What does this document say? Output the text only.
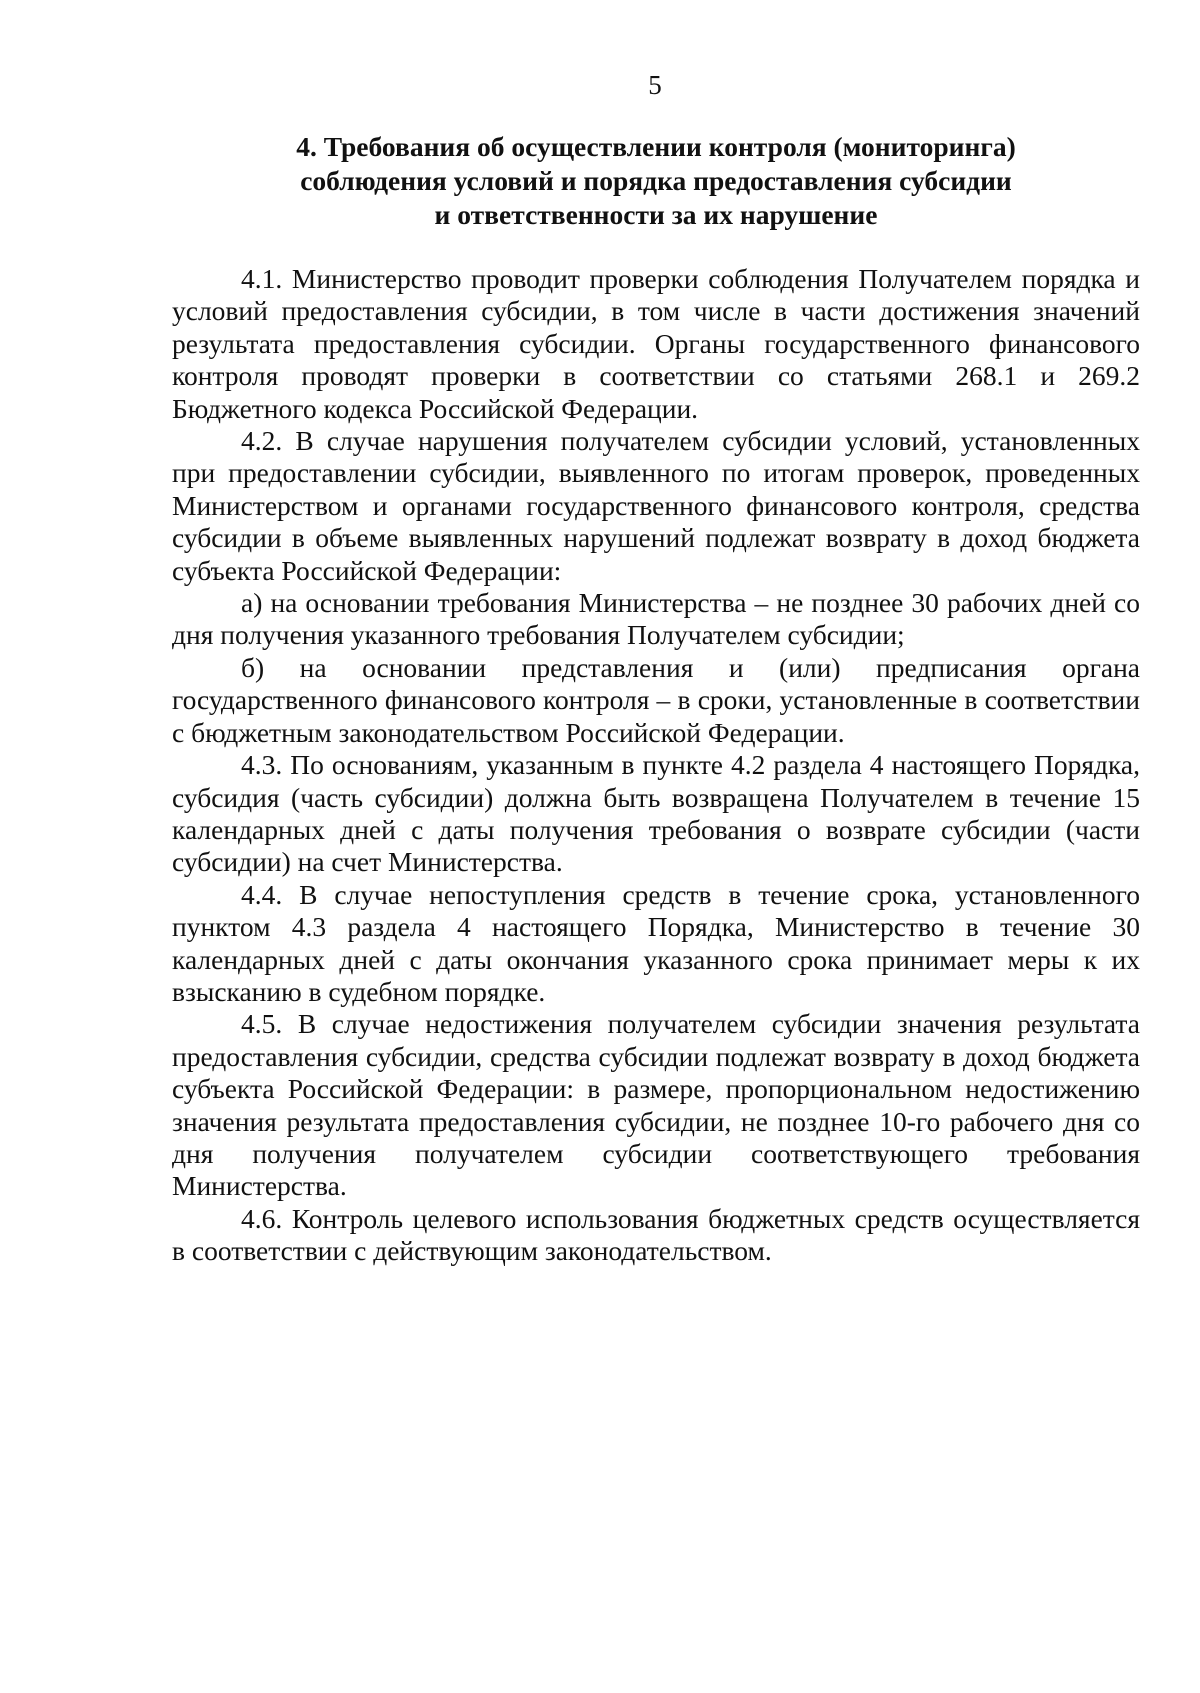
5
4. Требования об осуществлении контроля (мониторинга)
соблюдения условий и порядка предоставления субсидии
и ответственности за их нарушение

4.1. Министерство проводит проверки соблюдения Получателем порядка и условий предоставления субсидии, в том числе в части достижения значений результата предоставления субсидии. Органы государственного финансового контроля проводят проверки в соответствии со статьями 268.1 и 269.2 Бюджетного кодекса Российской Федерации.

4.2. В случае нарушения получателем субсидии условий, установленных при предоставлении субсидии, выявленного по итогам проверок, проведенных Министерством и органами государственного финансового контроля, средства субсидии в объеме выявленных нарушений подлежат возврату в доход бюджета субъекта Российской Федерации:

а) на основании требования Министерства – не позднее 30 рабочих дней со дня получения указанного требования Получателем субсидии;

б) на основании представления и (или) предписания органа государственного финансового контроля – в сроки, установленные в соответствии с бюджетным законодательством Российской Федерации.

4.3. По основаниям, указанным в пункте 4.2 раздела 4 настоящего Порядка, субсидия (часть субсидии) должна быть возвращена Получателем в течение 15 календарных дней с даты получения требования о возврате субсидии (части субсидии) на счет Министерства.

4.4. В случае непоступления средств в течение срока, установленного пунктом 4.3 раздела 4 настоящего Порядка, Министерство в течение 30 календарных дней с даты окончания указанного срока принимает меры к их взысканию в судебном порядке.

4.5. В случае недостижения получателем субсидии значения результата предоставления субсидии, средства субсидии подлежат возврату в доход бюджета субъекта Российской Федерации: в размере, пропорциональном недостижению значения результата предоставления субсидии, не позднее 10-го рабочего дня со дня получения получателем субсидии соответствующего требования Министерства.

4.6. Контроль целевого использования бюджетных средств осуществляется в соответствии с действующим законодательством.
